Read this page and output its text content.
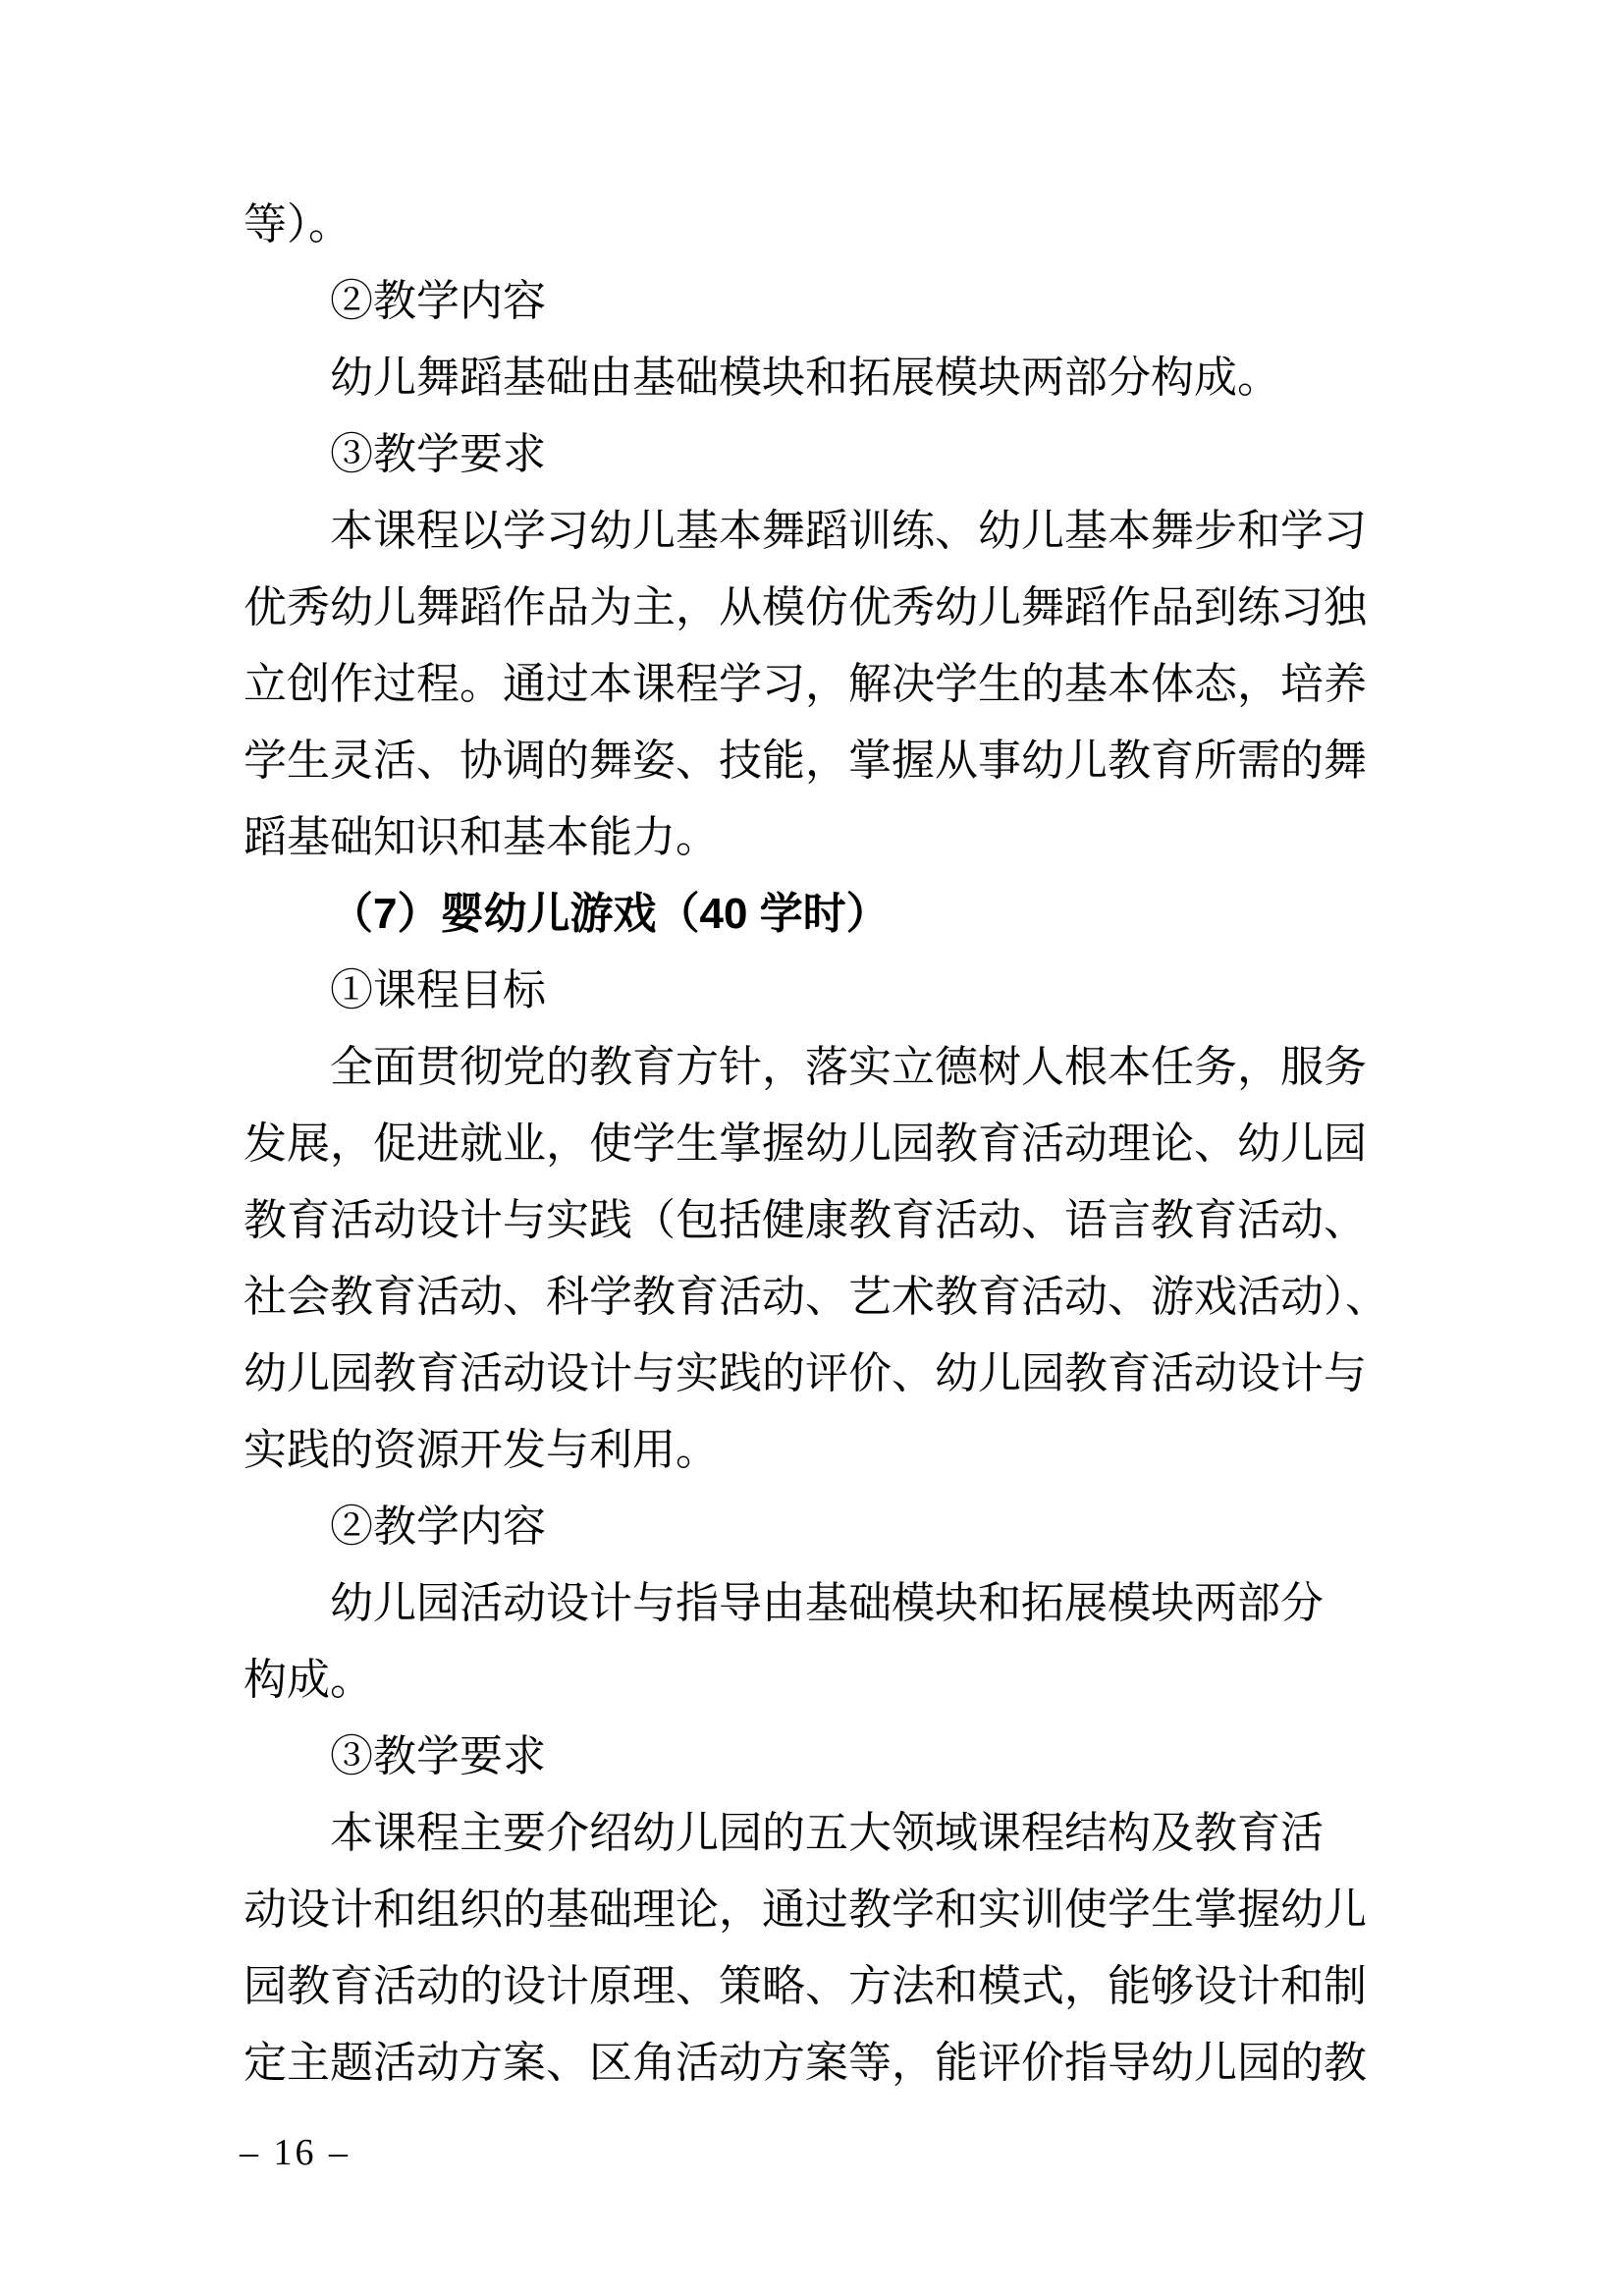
等）。
②教学内容
幼儿舞蹈基础由基础模块和拓展模块两部分构成。
③教学要求
本课程以学习幼儿基本舞蹈训练、幼儿基本舞步和学习
优秀幼儿舞蹈作品为主，从模仿优秀幼儿舞蹈作品到练习独
立创作过程。通过本课程学习，解决学生的基本体态，培养
学生灵活、协调的舞姿、技能，掌握从事幼儿教育所需的舞
蹈基础知识和基本能力。
（7）婴幼儿游戏（40 学时）
①课程目标
全面贯彻党的教育方针，落实立德树人根本任务，服务
发展，促进就业，使学生掌握幼儿园教育活动理论、幼儿园
教育活动设计与实践（包括健康教育活动、语言教育活动、
社会教育活动、科学教育活动、艺术教育活动、游戏活动）、
幼儿园教育活动设计与实践的评价、幼儿园教育活动设计与
实践的资源开发与利用。
②教学内容
幼儿园活动设计与指导由基础模块和拓展模块两部分
构成。
③教学要求
本课程主要介绍幼儿园的五大领域课程结构及教育活
动设计和组织的基础理论，通过教学和实训使学生掌握幼儿
园教育活动的设计原理、策略、方法和模式，能够设计和制
定主题活动方案、区角活动方案等，能评价指导幼儿园的教
– 16 –
